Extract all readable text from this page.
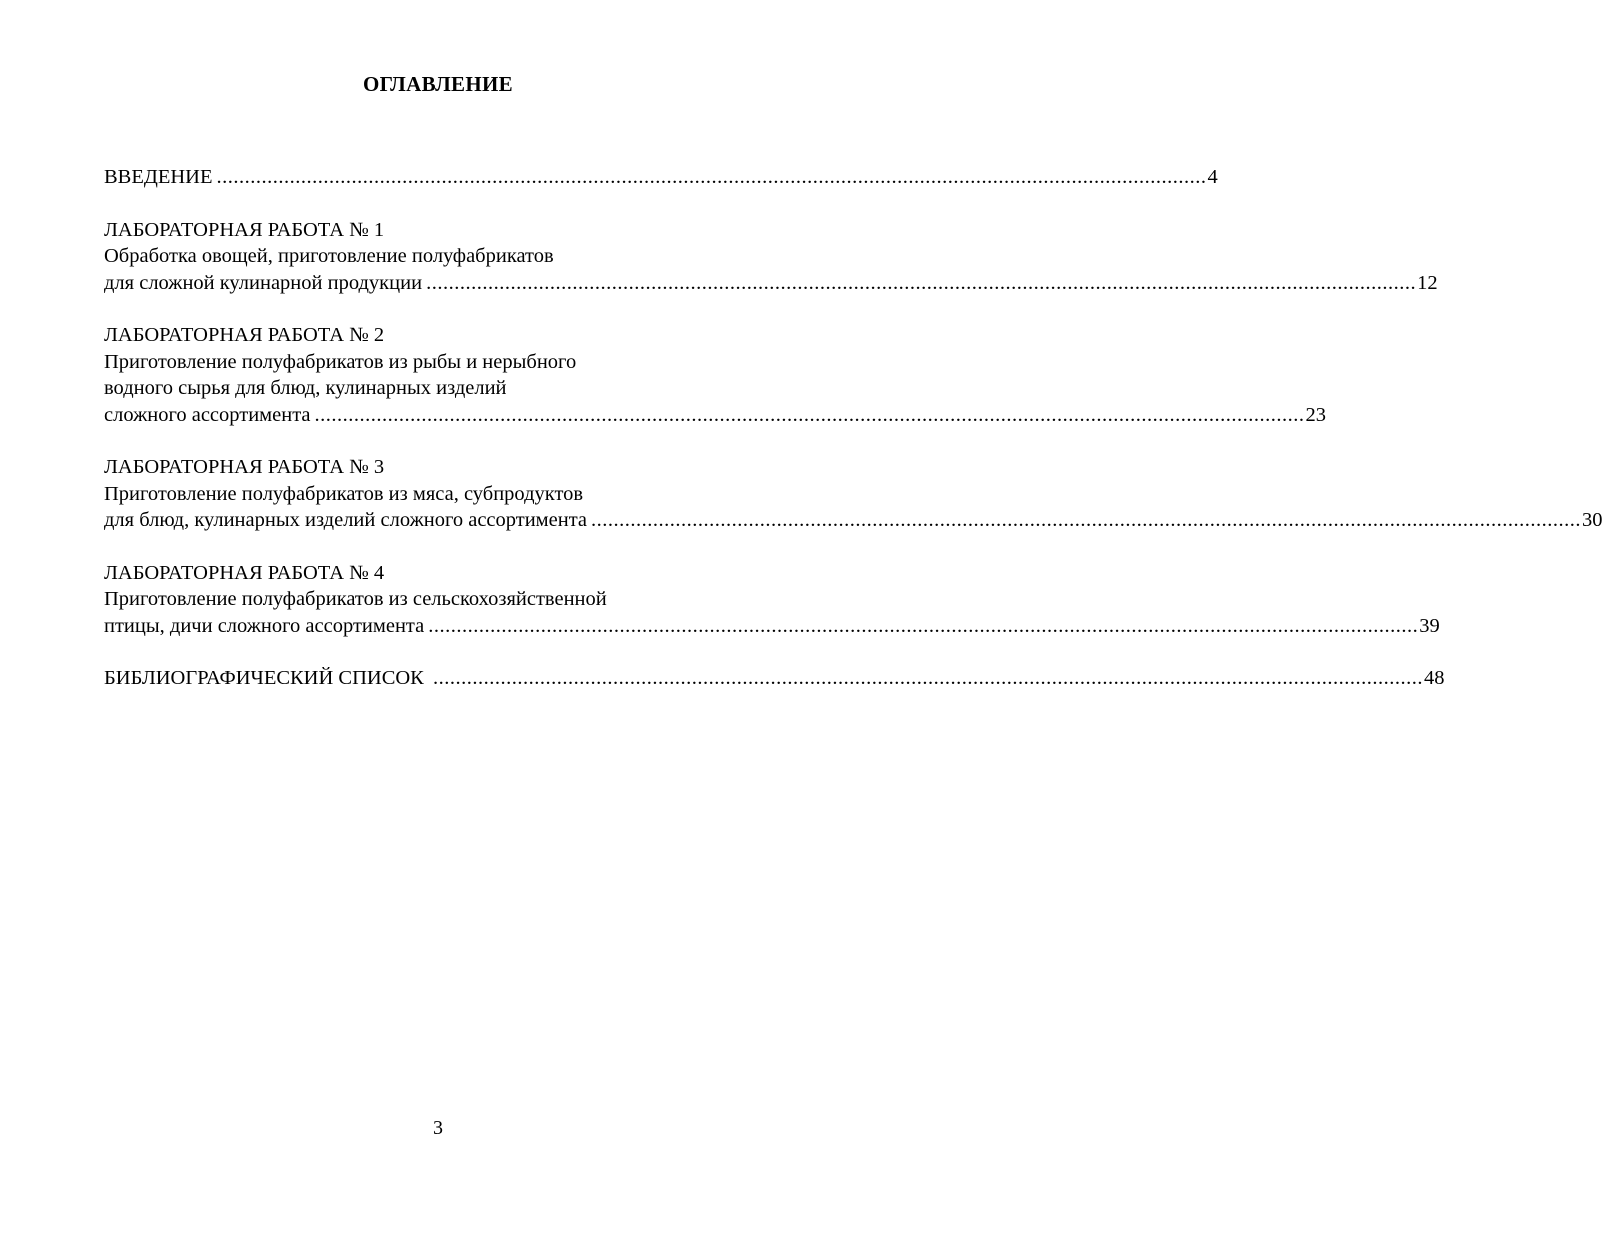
ОГЛАВЛЕНИЕ
ВВЕДЕНИЕ ................................................................................................................................................................................ 4
ЛАБОРАТОРНАЯ РАБОТА № 1
Обработка овощей, приготовление полуфабрикатов
для сложной кулинарной продукции ................................................................................................................................................................................ 12
ЛАБОРАТОРНАЯ РАБОТА № 2
Приготовление полуфабрикатов из рыбы и нерыбного
водного сырья для блюд, кулинарных изделий
сложного ассортимента ................................................................................................................................................................................ 23
ЛАБОРАТОРНАЯ РАБОТА № 3
Приготовление полуфабрикатов из мяса, субпродуктов
для блюд, кулинарных изделий сложного ассортимента ................................................................................................................................................................................ 30
ЛАБОРАТОРНАЯ РАБОТА № 4
Приготовление полуфабрикатов из сельскохозяйственной
птицы, дичи сложного ассортимента ................................................................................................................................................................................ 39
БИБЛИОГРАФИЧЕСКИЙ СПИСОК ................................................................................................................................................................................ 48
3
